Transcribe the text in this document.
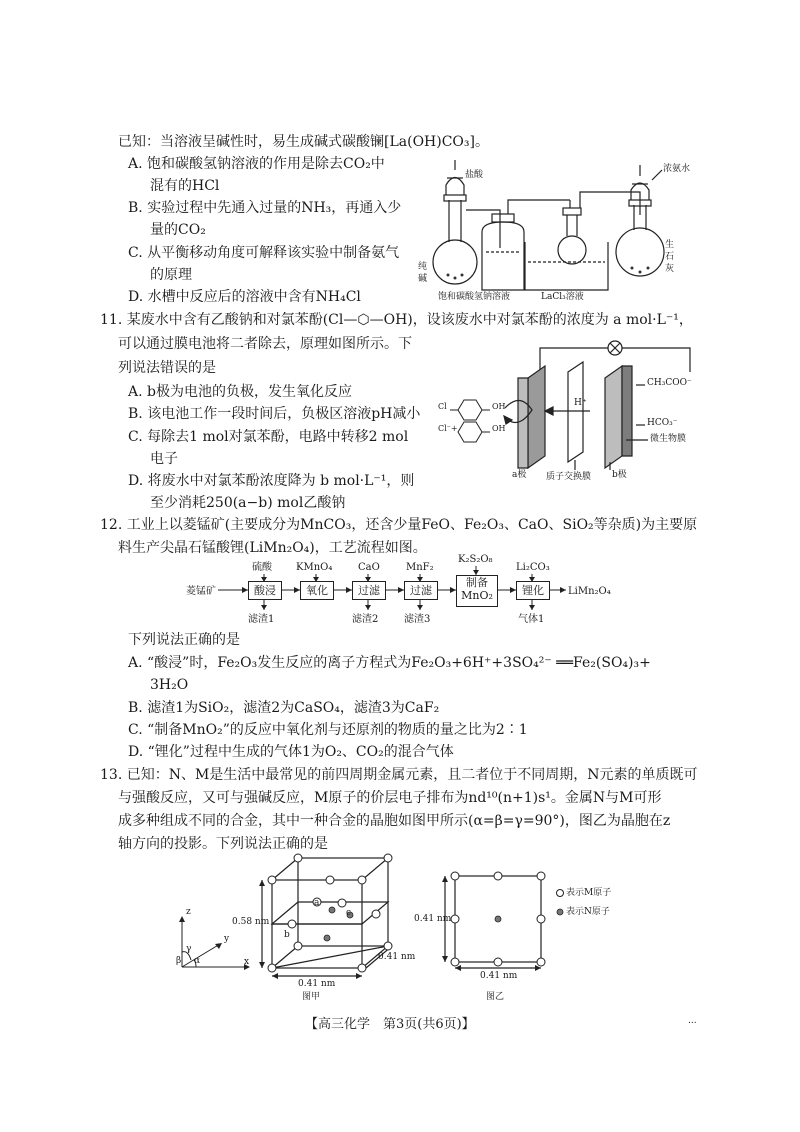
已知：当溶液呈碱性时，易生成碱式碳酸镧[La(OH)CO₃]。
A. 饱和碳酸氢钠溶液的作用是除去CO₂中
混有的HCl
B. 实验过程中先通入过量的NH₃，再通入少
量的CO₂
C. 从平衡移动角度可解释该实验中制备氨气
的原理
D. 水槽中反应后的溶液中含有NH₄Cl
盐酸
浓氨水
纯
碱
生
石
灰
饱和碳酸氢钠溶液	LaCl₃溶液
11. 某废水中含有乙酸钠和对氯苯酚(Cl—⬡—OH)，设该废水中对氯苯酚的浓度为 a mol·L⁻¹，
可以通过膜电池将二者除去，原理如图所示。下
列说法错误的是
A. b极为电池的负极，发生氧化反应
B. 该电池工作一段时间后，负极区溶液pH减小
C. 每除去1 mol对氯苯酚，电路中转移2 mol
电子
D. 将废水中对氯苯酚浓度降为 b mol·L⁻¹，则
至少消耗250(a−b) mol乙酸钠
OH
Cl
Cl⁻+	OH
H⁺
CH₃COO⁻
HCO₃⁻
微生物膜
质子交换膜
a极	b极
12. 工业上以菱锰矿(主要成分为MnCO₃，还含少量FeO、Fe₂O₃、CaO、SiO₂等杂质)为主要原
料生产尖晶石锰酸锂(LiMn₂O₄)，工艺流程如图。
菱锰矿
硫酸
酸浸
滤渣1
KMnO₄
氧化
CaO
过滤
滤渣2
MnF₂
过滤
滤渣3
K₂S₂O₈
制备
MnO₂
Li₂CO₃
锂化
气体1
LiMn₂O₄
下列说法正确的是
A. “酸浸”时，Fe₂O₃发生反应的离子方程式为Fe₂O₃+6H⁺+3SO₄²⁻ ══Fe₂(SO₄)₃+
3H₂O
B. 滤渣1为SiO₂，滤渣2为CaSO₄，滤渣3为CaF₂
C. “制备MnO₂”的反应中氧化剂与还原剂的物质的量之比为2∶1
D. “锂化”过程中生成的气体1为O₂、CO₂的混合气体
13. 已知：N、M是生活中最常见的前四周期金属元素，且二者位于不同周期，N元素的单质既可
与强酸反应，又可与强碱反应，M原子的价层电子排布为nd¹⁰(n+1)s¹。金属N与M可形
成多种组成不同的合金，其中一种合金的晶胞如图甲所示(α=β=γ=90°)，图乙为晶胞在z
轴方向的投影。下列说法正确的是
z
y
x
γ
α
β
0.58 nm
0.41 nm
0.41 nm
a
b
c
图甲
0.41 nm
0.41 nm
表示M原子
表示N原子
图乙
【高三化学　第3页(共6页)】	...
